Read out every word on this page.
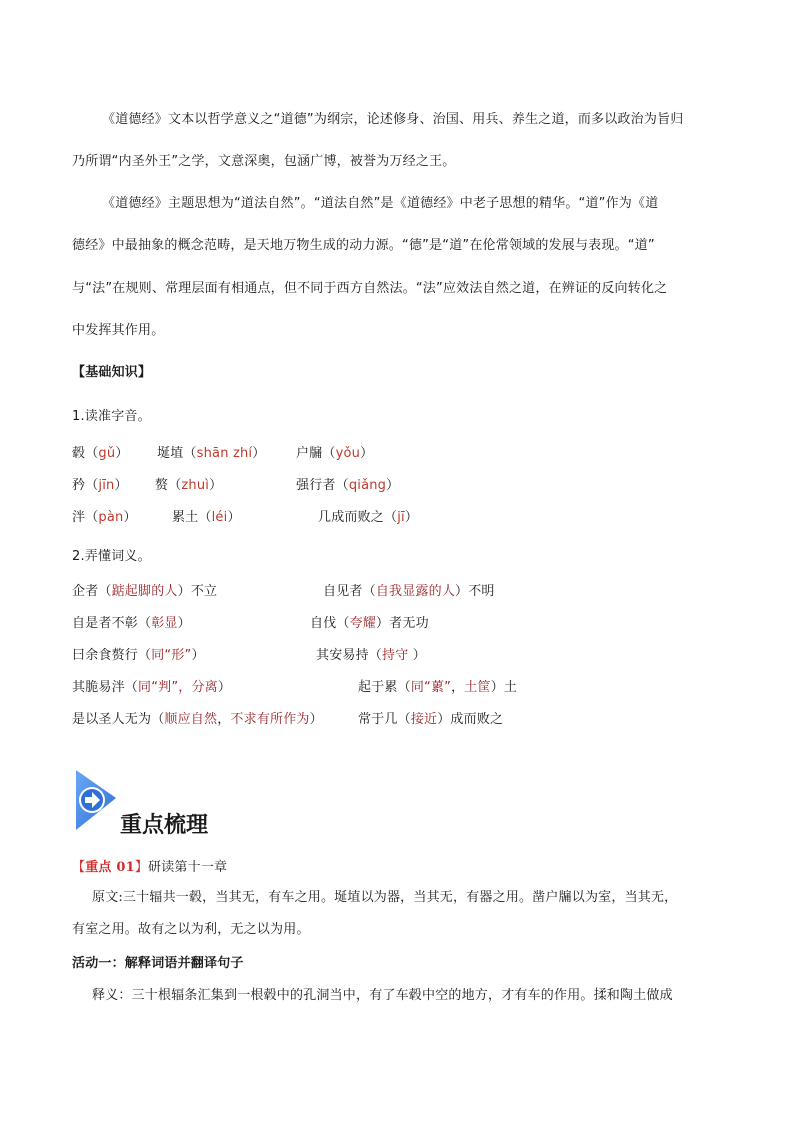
《道德经》文本以哲学意义之“道德”为纲宗，论述修身、治国、用兵、养生之道，而多以政治为旨归
乃所谓“内圣外王”之学，文意深奥，包涵广博，被誉为万经之王。
《道德经》主题思想为“道法自然”。“道法自然”是《道德经》中老子思想的精华。“道”作为《道
德经》中最抽象的概念范畴，是天地万物生成的动力源。“德”是“道”在伦常领域的发展与表现。“道”
与“法”在规则、常理层面有相通点，但不同于西方自然法。“法”应效法自然之道，在辨证的反向转化之
中发挥其作用。
【基础知识】
1.读准字音。
毂（gǔ） 埏埴（shān zhí） 户牖（yǒu）
矜（jīn） 赘（zhuì）	强行者（qiǎng）
泮（pàn）	累土（léi）	几成而败之（jī）
2.弄懂词义。
企者（踮起脚的人）不立	自见者（自我显露的人）不明
自是者不彰（彰显）	自伐（夸耀）者无功
曰余食赘行（同“形”）	其安易持（持守 ）
其脆易泮（同“判”，分离）	起于累（同“蔂”，土筐）土
是以圣人无为（顺应自然，不求有所作为）	常于几（接近）成而败之
重点梳理
【重点 01】研读第十一章
原文:三十辐共一毂，当其无，有车之用。埏埴以为器，当其无，有器之用。凿户牖以为室，当其无，
有室之用。故有之以为利，无之以为用。
活动一：解释词语并翻译句子
释义：三十根辐条汇集到一根毂中的孔洞当中，有了车毂中空的地方，才有车的作用。揉和陶土做成
